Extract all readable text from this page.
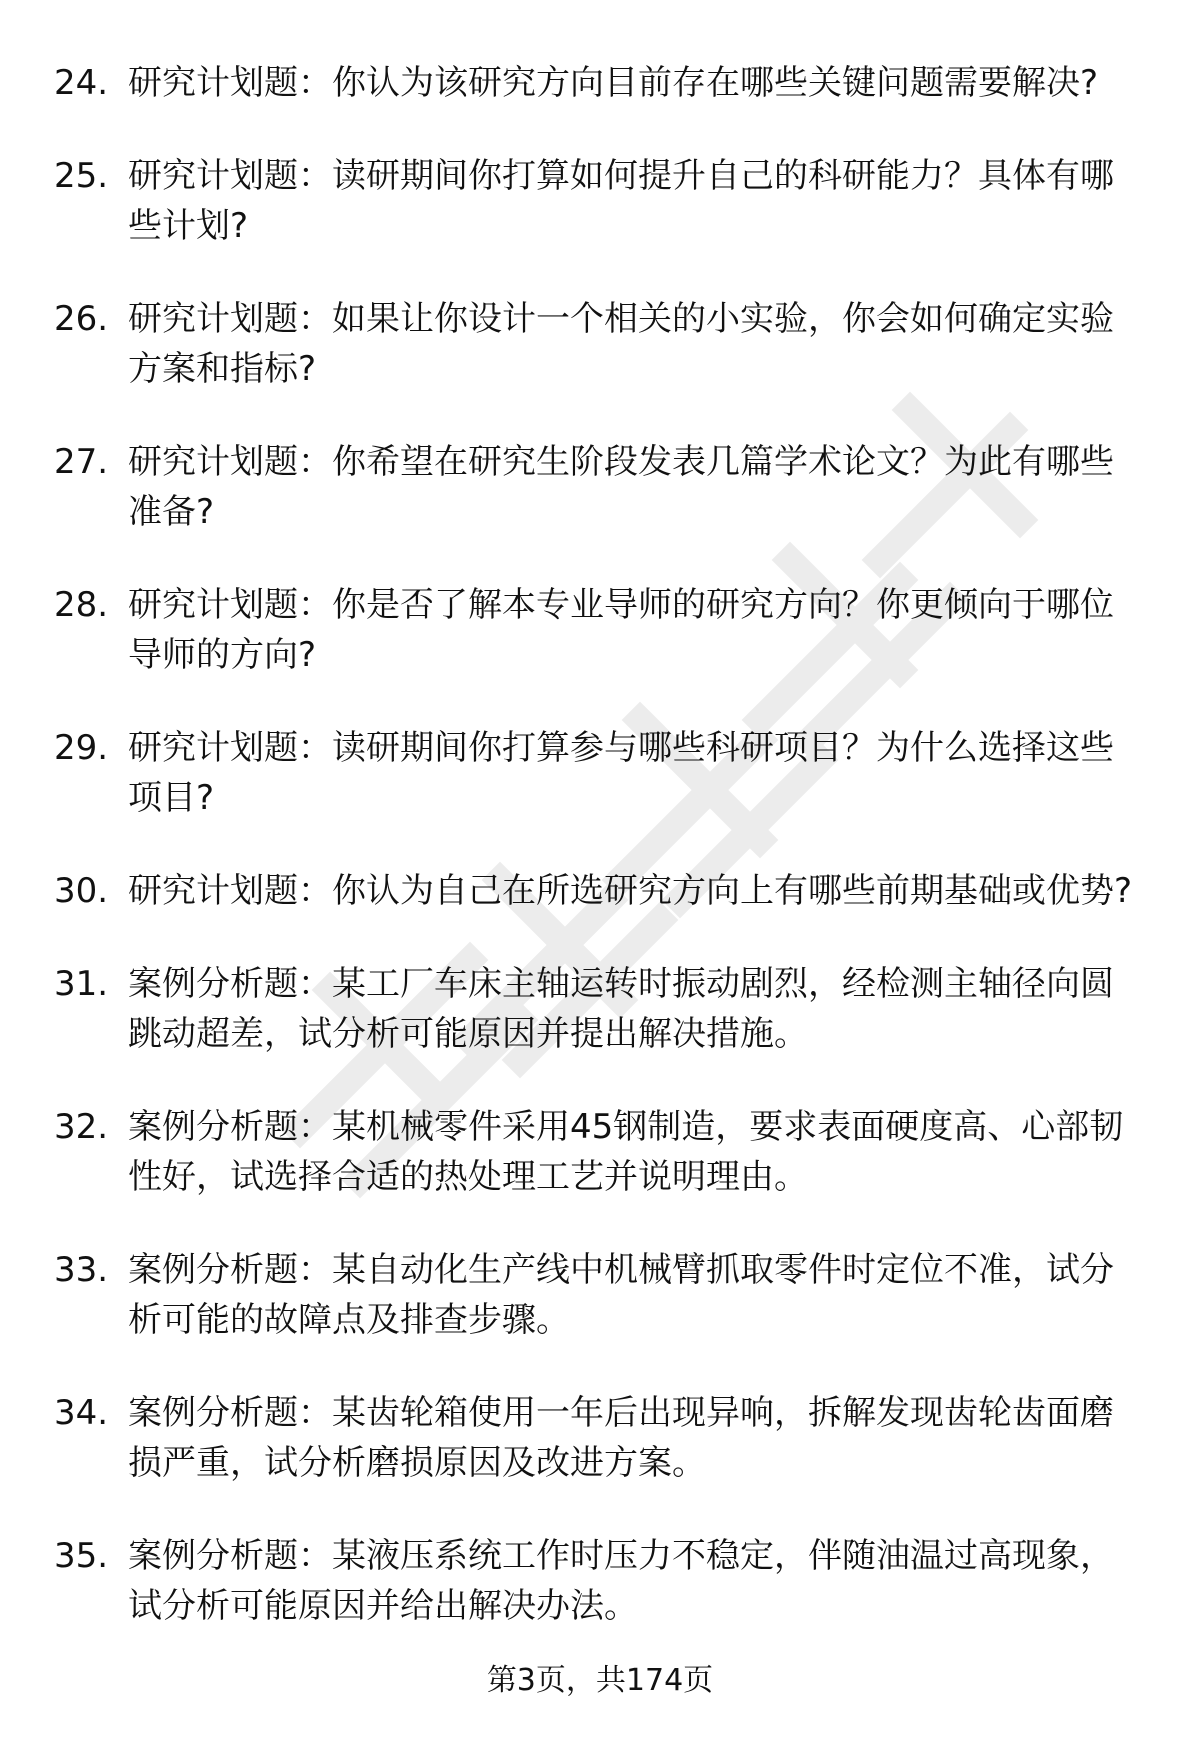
24. 研究计划题：你认为该研究方向目前存在哪些关键问题需要解决?
25. 研究计划题：读研期间你打算如何提升自己的科研能力？具体有哪些计划?
26. 研究计划题：如果让你设计一个相关的小实验，你会如何确定实验方案和指标?
27. 研究计划题：你希望在研究生阶段发表几篇学术论文？为此有哪些准备?
28. 研究计划题：你是否了解本专业导师的研究方向？你更倾向于哪位导师的方向?
29. 研究计划题：读研期间你打算参与哪些科研项目？为什么选择这些项目?
30. 研究计划题：你认为自己在所选研究方向上有哪些前期基础或优势?
31. 案例分析题：某工厂车床主轴运转时振动剧烈，经检测主轴径向圆跳动超差，试分析可能原因并提出解决措施。
32. 案例分析题：某机械零件采用45钢制造，要求表面硬度高、心部韧性好，试选择合适的热处理工艺并说明理由。
33. 案例分析题：某自动化生产线中机械臂抓取零件时定位不准，试分析可能的故障点及排查步骤。
34. 案例分析题：某齿轮箱使用一年后出现异响，拆解发现齿轮齿面磨损严重，试分析磨损原因及改进方案。
35. 案例分析题：某液压系统工作时压力不稳定，伴随油温过高现象，试分析可能原因并给出解决办法。
第3页，共174页
